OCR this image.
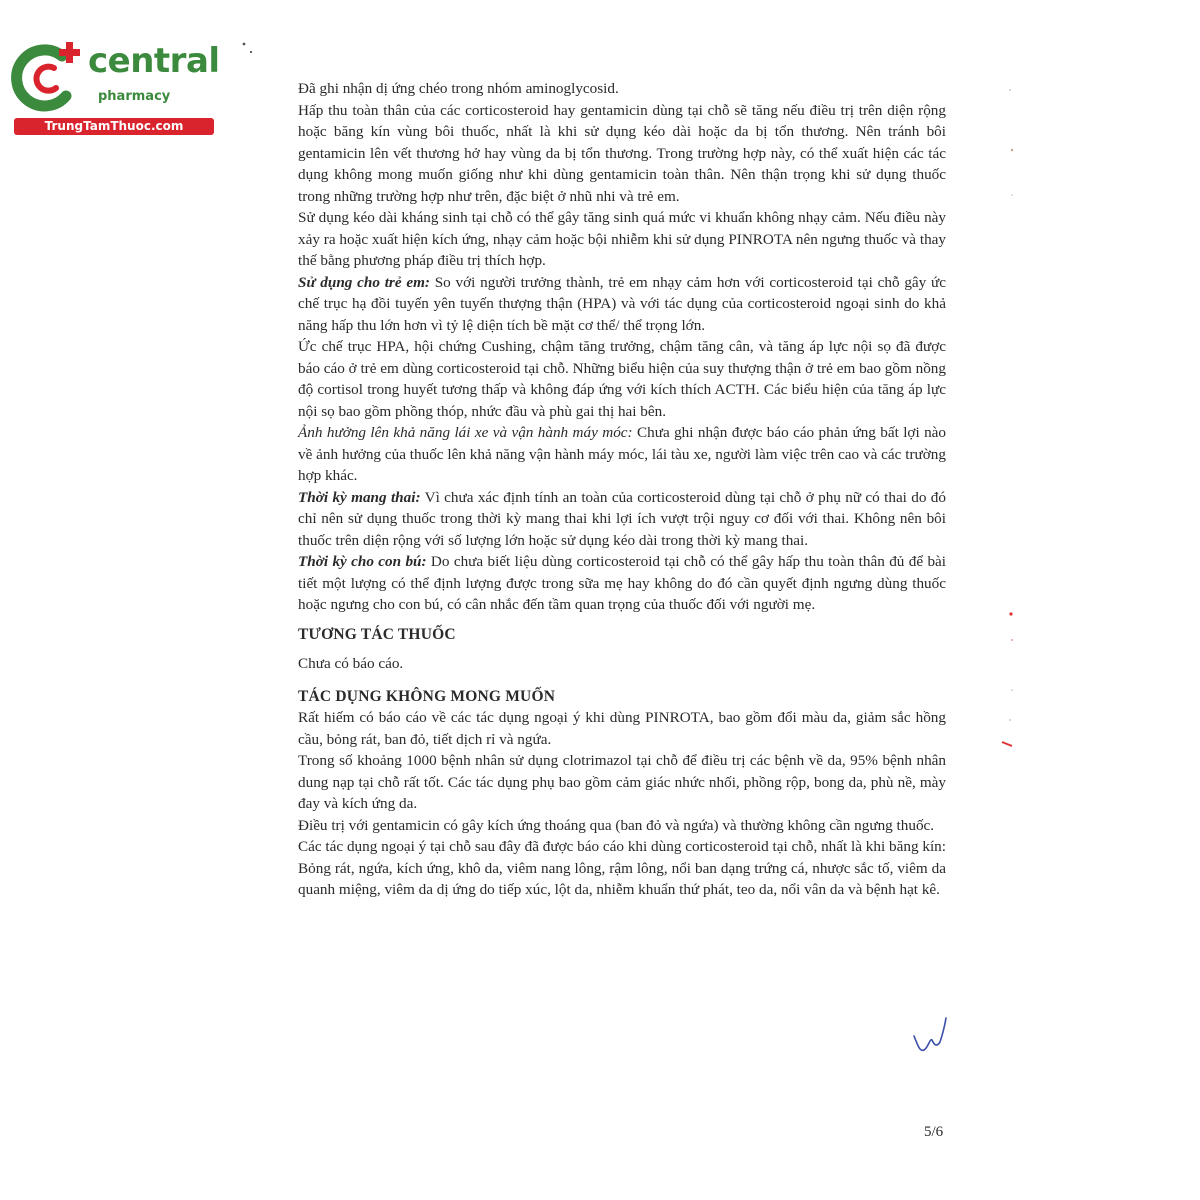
central
pharmacy
TrungTamThuoc.com

Đã ghi nhận dị ứng chéo trong nhóm aminoglycosid.

Hấp thu toàn thân của các corticosteroid hay gentamicin dùng tại chỗ sẽ tăng nếu điều trị trên diện rộng hoặc băng kín vùng bôi thuốc, nhất là khi sử dụng kéo dài hoặc da bị tổn thương. Nên tránh bôi gentamicin lên vết thương hở hay vùng da bị tổn thương. Trong trường hợp này, có thể xuất hiện các tác dụng không mong muốn giống như khi dùng gentamicin toàn thân. Nên thận trọng khi sử dụng thuốc trong những trường hợp như trên, đặc biệt ở nhũ nhi và trẻ em.

Sử dụng kéo dài kháng sinh tại chỗ có thể gây tăng sinh quá mức vi khuẩn không nhạy cảm. Nếu điều này xảy ra hoặc xuất hiện kích ứng, nhạy cảm hoặc bội nhiễm khi sử dụng PINROTA nên ngưng thuốc và thay thế bằng phương pháp điều trị thích hợp.

Sử dụng cho trẻ em: So với người trưởng thành, trẻ em nhạy cảm hơn với corticosteroid tại chỗ gây ức chế trục hạ đồi tuyến yên tuyến thượng thận (HPA) và với tác dụng của corticosteroid ngoại sinh do khả năng hấp thu lớn hơn vì tỷ lệ diện tích bề mặt cơ thể/ thể trọng lớn.

Ức chế trục HPA, hội chứng Cushing, chậm tăng trưởng, chậm tăng cân, và tăng áp lực nội sọ đã được báo cáo ở trẻ em dùng corticosteroid tại chỗ. Những biểu hiện của suy thượng thận ở trẻ em bao gồm nồng độ cortisol trong huyết tương thấp và không đáp ứng với kích thích ACTH. Các biểu hiện của tăng áp lực nội sọ bao gồm phồng thóp, nhức đầu và phù gai thị hai bên.

Ảnh hưởng lên khả năng lái xe và vận hành máy móc: Chưa ghi nhận được báo cáo phản ứng bất lợi nào về ảnh hưởng của thuốc lên khả năng vận hành máy móc, lái tàu xe, người làm việc trên cao và các trường hợp khác.

Thời kỳ mang thai: Vì chưa xác định tính an toàn của corticosteroid dùng tại chỗ ở phụ nữ có thai do đó chỉ nên sử dụng thuốc trong thời kỳ mang thai khi lợi ích vượt trội nguy cơ đối với thai. Không nên bôi thuốc trên diện rộng với số lượng lớn hoặc sử dụng kéo dài trong thời kỳ mang thai.

Thời kỳ cho con bú: Do chưa biết liệu dùng corticosteroid tại chỗ có thể gây hấp thu toàn thân đủ để bài tiết một lượng có thể định lượng được trong sữa mẹ hay không do đó cần quyết định ngưng dùng thuốc hoặc ngưng cho con bú, có cân nhắc đến tầm quan trọng của thuốc đối với người mẹ.

TƯƠNG TÁC THUỐC

Chưa có báo cáo.

TÁC DỤNG KHÔNG MONG MUỐN

Rất hiếm có báo cáo về các tác dụng ngoại ý khi dùng PINROTA, bao gồm đổi màu da, giảm sắc hồng cầu, bỏng rát, ban đỏ, tiết dịch rỉ và ngứa.

Trong số khoảng 1000 bệnh nhân sử dụng clotrimazol tại chỗ để điều trị các bệnh về da, 95% bệnh nhân dung nạp tại chỗ rất tốt. Các tác dụng phụ bao gồm cảm giác nhức nhối, phồng rộp, bong da, phù nề, mày đay và kích ứng da.

Điều trị với gentamicin có gây kích ứng thoáng qua (ban đỏ và ngứa) và thường không cần ngưng thuốc.

Các tác dụng ngoại ý tại chỗ sau đây đã được báo cáo khi dùng corticosteroid tại chỗ, nhất là khi băng kín: Bỏng rát, ngứa, kích ứng, khô da, viêm nang lông, rậm lông, nổi ban dạng trứng cá, nhược sắc tố, viêm da quanh miệng, viêm da dị ứng do tiếp xúc, lột da, nhiễm khuẩn thứ phát, teo da, nổi vân da và bệnh hạt kê.

5/6
